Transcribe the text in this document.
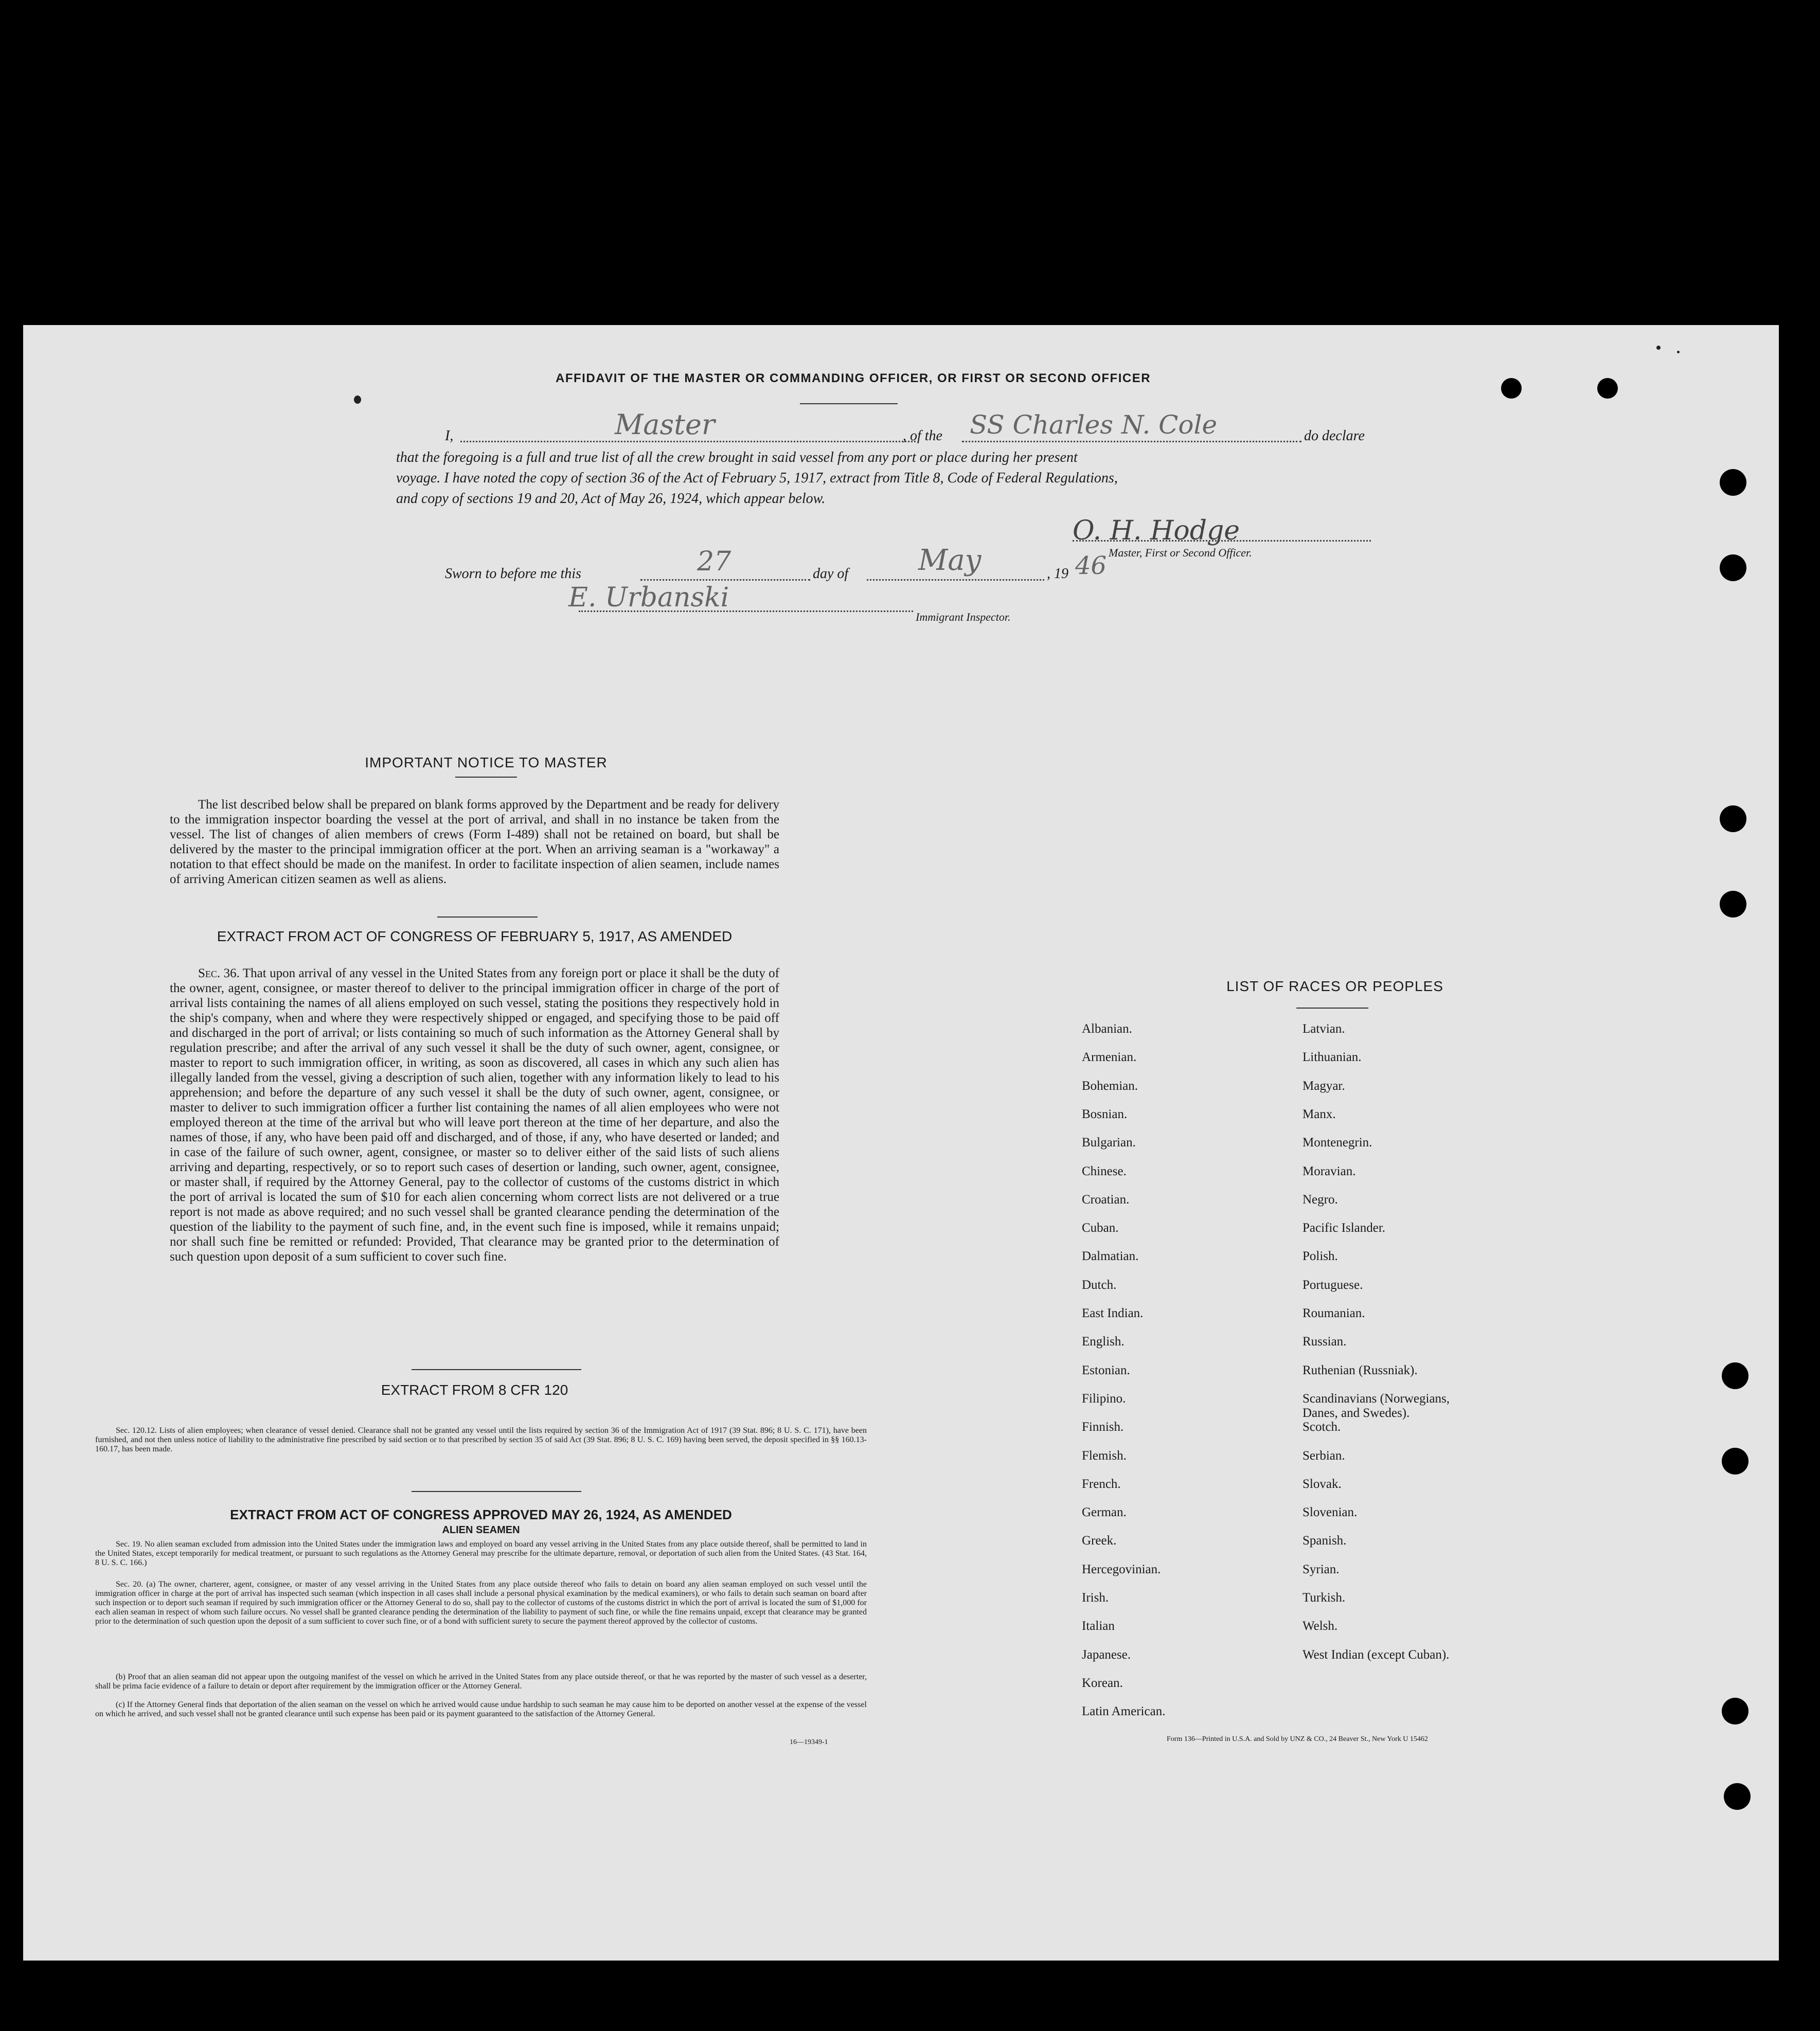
AFFIDAVIT OF THE MASTER OR COMMANDING OFFICER, OR FIRST OR SECOND OFFICER
I,	Master	, of the SS Charles N. Cole	do declare
that the foregoing is a full and true list of all the crew brought in said vessel from any port or place during her present
voyage. I have noted the copy of section 36 of the Act of February 5, 1917, extract from Title 8, Code of Federal Regulations,
and copy of sections 19 and 20, Act of May 26, 1924, which appear below.
O. H. Hodge
Master, First or Second Officer.
Sworn to before me this	27	day of May	, 19 46
E. Urbanski
Immigrant Inspector.
IMPORTANT NOTICE TO MASTER
The list described below shall be prepared on blank forms approved by the Department and be ready for delivery to the immigration inspector boarding the vessel at the port of arrival, and shall in no instance be taken from the vessel. The list of changes of alien members of crews (Form I-489) shall not be retained on board, but shall be delivered by the master to the principal immigration officer at the port. When an arriving seaman is a "workaway" a notation to that effect should be made on the manifest. In order to facilitate inspection of alien seamen, include names of arriving American citizen seamen as well as aliens.
EXTRACT FROM ACT OF CONGRESS OF FEBRUARY 5, 1917, AS AMENDED
Sec. 36. That upon arrival of any vessel in the United States from any foreign port or place it shall be the duty of the owner, agent, consignee, or master thereof to deliver to the principal immigration officer in charge of the port of arrival lists containing the names of all aliens employed on such vessel, stating the positions they respectively hold in the ship's company, when and where they were respectively shipped or engaged, and specifying those to be paid off and discharged in the port of arrival; or lists containing so much of such information as the Attorney General shall by regulation prescribe; and after the arrival of any such vessel it shall be the duty of such owner, agent, consignee, or master to report to such immigration officer, in writing, as soon as discovered, all cases in which any such alien has illegally landed from the vessel, giving a description of such alien, together with any information likely to lead to his apprehension; and before the departure of any such vessel it shall be the duty of such owner, agent, consignee, or master to deliver to such immigration officer a further list containing the names of all alien employees who were not employed thereon at the time of the arrival but who will leave port thereon at the time of her departure, and also the names of those, if any, who have been paid off and discharged, and of those, if any, who have deserted or landed; and in case of the failure of such owner, agent, consignee, or master so to deliver either of the said lists of such aliens arriving and departing, respectively, or so to report such cases of desertion or landing, such owner, agent, consignee, or master shall, if required by the Attorney General, pay to the collector of customs of the customs district in which the port of arrival is located the sum of $10 for each alien concerning whom correct lists are not delivered or a true report is not made as above required; and no such vessel shall be granted clearance pending the determination of the question of the liability to the payment of such fine, and, in the event such fine is imposed, while it remains unpaid; nor shall such fine be remitted or refunded: Provided, That clearance may be granted prior to the determination of such question upon deposit of a sum sufficient to cover such fine.
EXTRACT FROM 8 CFR 120
Sec. 120.12. Lists of alien employees; when clearance of vessel denied. Clearance shall not be granted any vessel until the lists required by section 36 of the Immigration Act of 1917 (39 Stat. 896; 8 U. S. C. 171), have been furnished, and not then unless notice of liability to the administrative fine prescribed by said section or to that prescribed by section 35 of said Act (39 Stat. 896; 8 U. S. C. 169) having been served, the deposit specified in §§ 160.13-160.17, has been made.
EXTRACT FROM ACT OF CONGRESS APPROVED MAY 26, 1924, AS AMENDED
ALIEN SEAMEN
Sec. 19. No alien seaman excluded from admission into the United States under the immigration laws and employed on board any vessel arriving in the United States from any place outside thereof, shall be permitted to land in the United States, except temporarily for medical treatment, or pursuant to such regulations as the Attorney General may prescribe for the ultimate departure, removal, or deportation of such alien from the United States. (43 Stat. 164, 8 U. S. C. 166.)
Sec. 20. (a) The owner, charterer, agent, consignee, or master of any vessel arriving in the United States from any place outside thereof who fails to detain on board any alien seaman employed on such vessel until the immigration officer in charge at the port of arrival has inspected such seaman (which inspection in all cases shall include a personal physical examination by the medical examiners), or who fails to detain such seaman on board after such inspection or to deport such seaman if required by such immigration officer or the Attorney General to do so, shall pay to the collector of customs of the customs district in which the port of arrival is located the sum of $1,000 for each alien seaman in respect of whom such failure occurs. No vessel shall be granted clearance pending the determination of the liability to payment of such fine, or while the fine remains unpaid, except that clearance may be granted prior to the determination of such question upon the deposit of a sum sufficient to cover such fine, or of a bond with sufficient surety to secure the payment thereof approved by the collector of customs.
(b) Proof that an alien seaman did not appear upon the outgoing manifest of the vessel on which he arrived in the United States from any place outside thereof, or that he was reported by the master of such vessel as a deserter, shall be prima facie evidence of a failure to detain or deport after requirement by the immigration officer or the Attorney General.
(c) If the Attorney General finds that deportation of the alien seaman on the vessel on which he arrived would cause undue hardship to such seaman he may cause him to be deported on another vessel at the expense of the vessel on which he arrived, and such vessel shall not be granted clearance until such expense has been paid or its payment guaranteed to the satisfaction of the Attorney General.
16—19349-1
LIST OF RACES OR PEOPLES
Albanian.
Armenian.
Bohemian.
Bosnian.
Bulgarian.
Chinese.
Croatian.
Cuban.
Dalmatian.
Dutch.
East Indian.
English.
Estonian.
Filipino.
Finnish.
Flemish.
French.
German.
Greek.
Hercegovinian.
Irish.
Italian
Japanese.
Korean.
Latin American.
Latvian.
Lithuanian.
Magyar.
Manx.
Montenegrin.
Moravian.
Negro.
Pacific Islander.
Polish.
Portuguese.
Roumanian.
Russian.
Ruthenian (Russniak).
Scandinavians (Norwegians,
Danes, and Swedes).
Scotch.
Serbian.
Slovak.
Slovenian.
Spanish.
Syrian.
Turkish.
Welsh.
West Indian (except Cuban).
Form 136—Printed in U.S.A. and Sold by UNZ & CO., 24 Beaver St., New York U 15462
